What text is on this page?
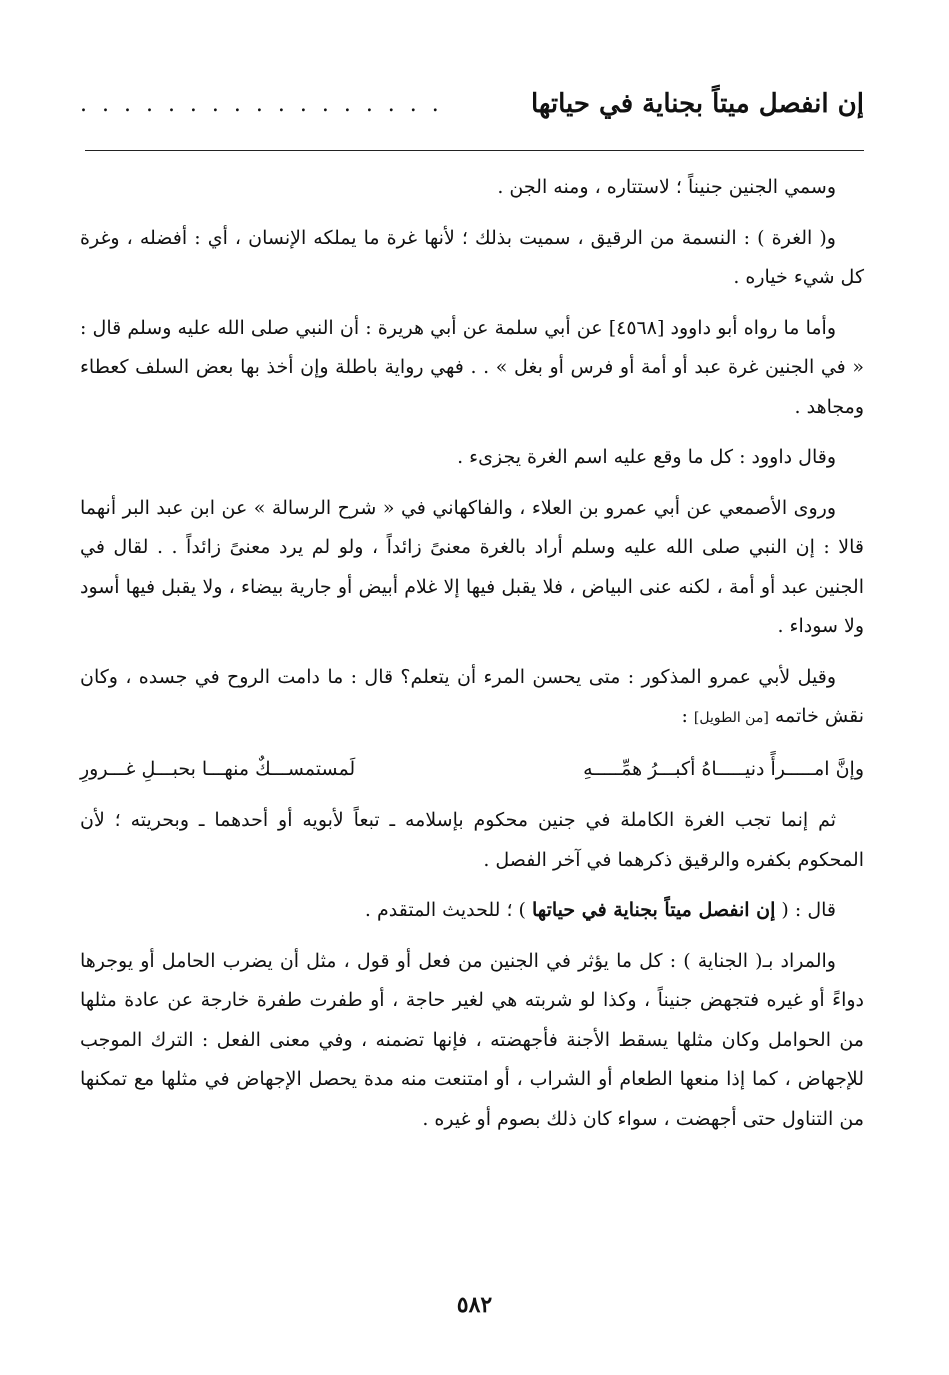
إن انفصل ميتاً بجناية في حياتها
. . . . . . . . . . . . . . . . .

وسمي الجنين جنيناً ؛ لاستتاره ، ومنه الجن .

و( الغرة ) : النسمة من الرقيق ، سميت بذلك ؛ لأنها غرة ما يملكه الإنسان ، أي : أفضله ، وغرة كل شيء خياره .

وأما ما رواه أبو داوود [٤٥٦٨] عن أبي سلمة عن أبي هريرة : أن النبي صلى الله عليه وسلم قال : « في الجنين غرة عبد أو أمة أو فرس أو بغل » . . فهي رواية باطلة وإن أخذ بها بعض السلف كعطاء ومجاهد .

وقال داوود : كل ما وقع عليه اسم الغرة يجزىء .

وروى الأصمعي عن أبي عمرو بن العلاء ، والفاكهاني في « شرح الرسالة » عن ابن عبد البر أنهما قالا : إن النبي صلى الله عليه وسلم أراد بالغرة معنىً زائداً ، ولو لم يرد معنىً زائداً . . لقال في الجنين عبد أو أمة ، لكنه عنى البياض ، فلا يقبل فيها إلا غلام أبيض أو جارية بيضاء ، ولا يقبل فيها أسود ولا سوداء .

وقيل لأبي عمرو المذكور : متى يحسن المرء أن يتعلم؟ قال : ما دامت الروح في جسده ، وكان نقش خاتمه [من الطويل] :

وإنَّ امـــــرأً دنيـــــاهُ أكبـــرُ همِّـــــهِ
لَمستمســـكٌ منهـــا بحبـــلِ غـــرورِ

ثم إنما تجب الغرة الكاملة في جنين محكوم بإسلامه ـ تبعاً لأبويه أو أحدهما ـ وبحريته ؛ لأن المحكوم بكفره والرقيق ذكرهما في آخر الفصل .

قال : ( إن انفصل ميتاً بجناية في حياتها ) ؛ للحديث المتقدم .

والمراد بـ( الجناية ) : كل ما يؤثر في الجنين من فعل أو قول ، مثل أن يضرب الحامل أو يوجرها دواءً أو غيره فتجهض جنيناً ، وكذا لو شربته هي لغير حاجة ، أو طفرت طفرة خارجة عن عادة مثلها من الحوامل وكان مثلها يسقط الأجنة فأجهضته ، فإنها تضمنه ، وفي معنى الفعل : الترك الموجب للإجهاض ، كما إذا منعها الطعام أو الشراب ، أو امتنعت منه مدة يحصل الإجهاض في مثلها مع تمكنها من التناول حتى أجهضت ، سواء كان ذلك بصوم أو غيره .

٥٨٢
